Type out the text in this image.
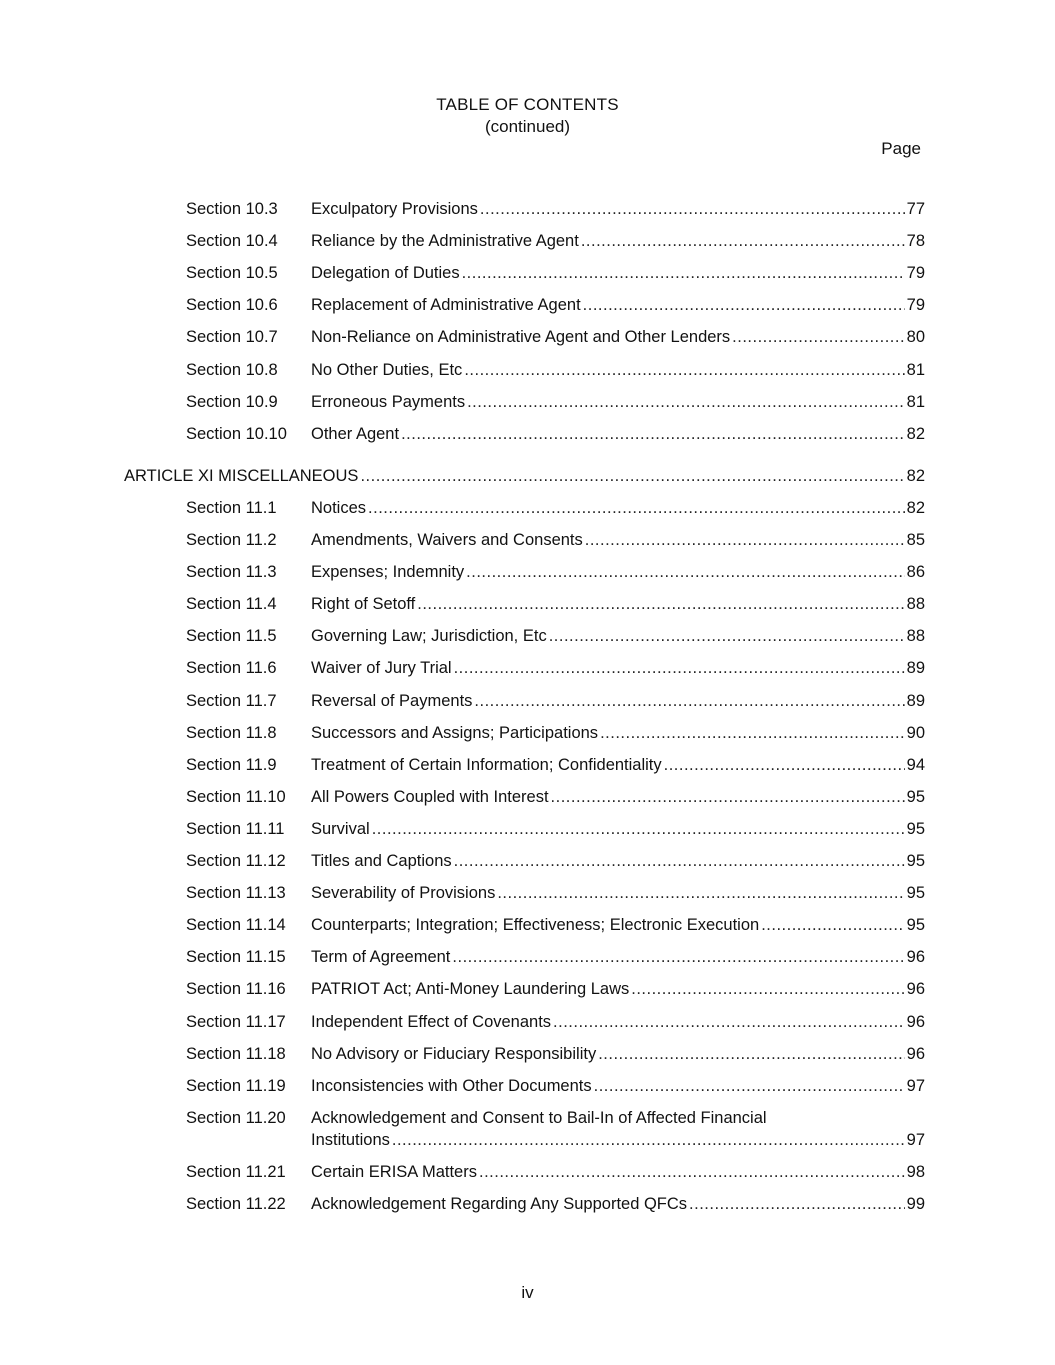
TABLE OF CONTENTS
(continued)
Page
Section 10.3 Exculpatory Provisions .....	77
Section 10.4 Reliance by the Administrative Agent .....	78
Section 10.5 Delegation of Duties .....	79
Section 10.6 Replacement of Administrative Agent .....	79
Section 10.7 Non-Reliance on Administrative Agent and Other Lenders .....	80
Section 10.8 No Other Duties, Etc .....	81
Section 10.9 Erroneous Payments .....	81
Section 10.10 Other Agent .....	82
ARTICLE XI MISCELLANEOUS .....	82
Section 11.1 Notices .....	82
Section 11.2 Amendments, Waivers and Consents .....	85
Section 11.3 Expenses; Indemnity .....	86
Section 11.4 Right of Setoff .....	88
Section 11.5 Governing Law; Jurisdiction, Etc .....	88
Section 11.6 Waiver of Jury Trial .....	89
Section 11.7 Reversal of Payments .....	89
Section 11.8 Successors and Assigns; Participations .....	90
Section 11.9 Treatment of Certain Information; Confidentiality .....	94
Section 11.10 All Powers Coupled with Interest .....	95
Section 11.11 Survival .....	95
Section 11.12 Titles and Captions .....	95
Section 11.13 Severability of Provisions .....	95
Section 11.14 Counterparts; Integration; Effectiveness; Electronic Execution .....	95
Section 11.15 Term of Agreement .....	96
Section 11.16 PATRIOT Act; Anti-Money Laundering Laws .....	96
Section 11.17 Independent Effect of Covenants .....	96
Section 11.18 No Advisory or Fiduciary Responsibility .....	96
Section 11.19 Inconsistencies with Other Documents .....	97
Section 11.20 Acknowledgement and Consent to Bail-In of Affected Financial
Institutions .....	97
Section 11.21 Certain ERISA Matters .....	98
Section 11.22 Acknowledgement Regarding Any Supported QFCs .....	99
iv
